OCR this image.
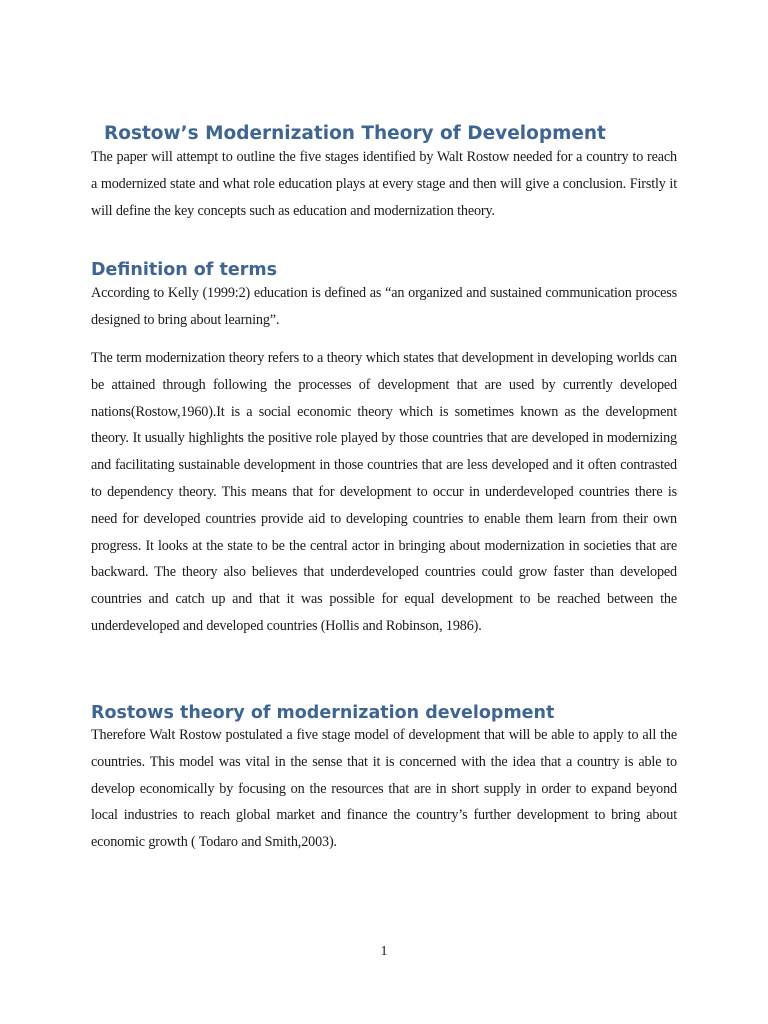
Rostow’s Modernization Theory of Development

The paper will attempt to outline the five stages identified by Walt Rostow needed for a country to reach a modernized state and what role education plays at every stage and then will give a conclusion. Firstly it will define the key concepts such as education and modernization theory.

Definition of terms

According to Kelly (1999:2) education is defined as “an organized and sustained communication process designed to bring about learning”.

The term modernization theory refers to a theory which states that development in developing worlds can be attained through following the processes of development that are used by currently developed nations(Rostow,1960).It is a social economic theory which is sometimes known as the development theory. It usually highlights the positive role played by those countries that are developed in modernizing and facilitating sustainable development in those countries that are less developed and it often contrasted to dependency theory. This means that for development to occur in underdeveloped countries there is need for developed countries provide aid to developing countries to enable them learn from their own progress. It looks at the state to be the central actor in bringing about modernization in societies that are backward. The theory also believes that underdeveloped countries could grow faster than developed countries and catch up and that it was possible for equal development to be reached between the underdeveloped and developed countries (Hollis and Robinson, 1986).

Rostows theory of modernization development

Therefore Walt Rostow postulated a five stage model of development that will be able to apply to all the countries. This model was vital in the sense that it is concerned with the idea that a country is able to develop economically by focusing on the resources that are in short supply in order to expand beyond local industries to reach global market and finance the country’s further development to bring about economic growth ( Todaro and Smith,2003).

1
